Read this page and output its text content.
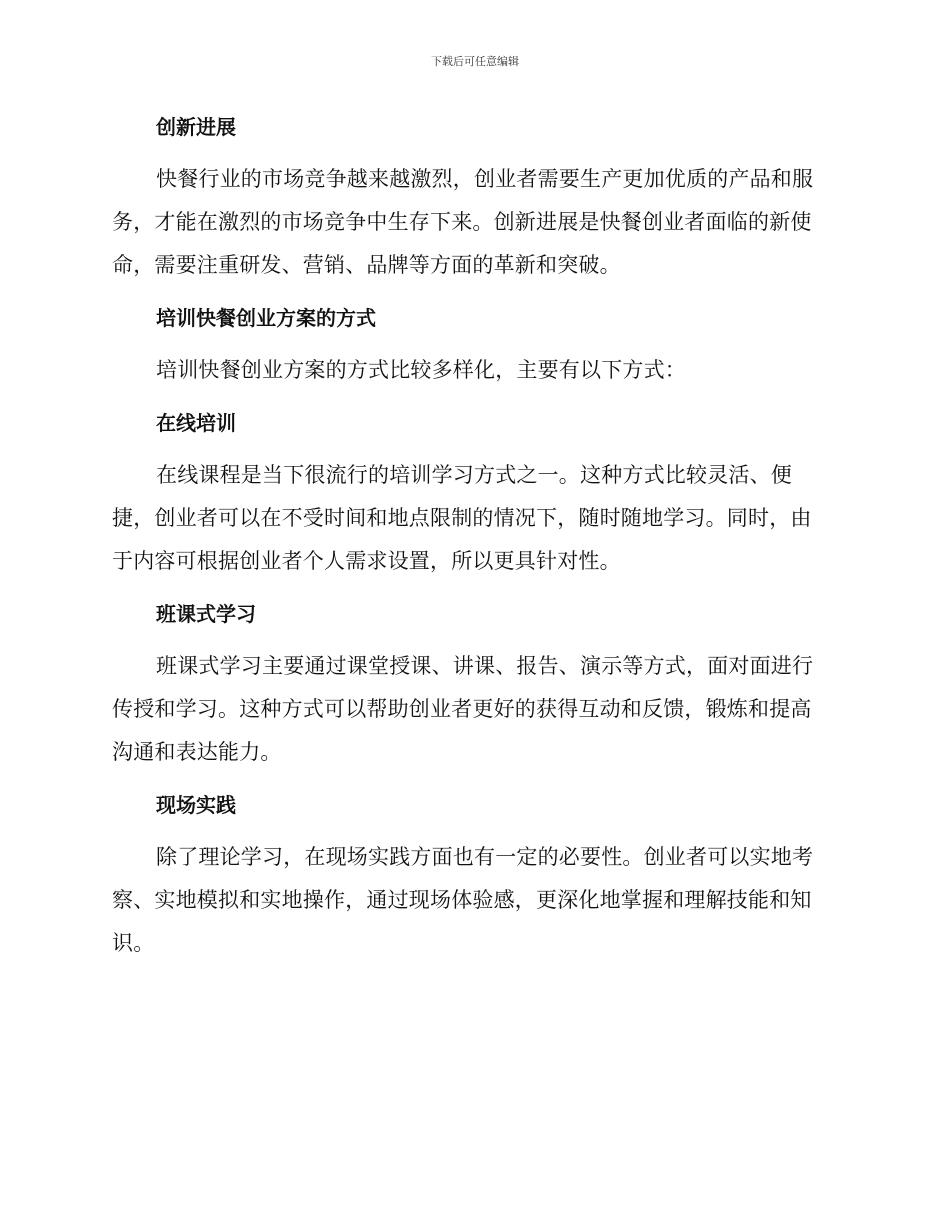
下载后可任意编辑
创新进展

快餐行业的市场竞争越来越激烈，创业者需要生产更加优质的产品和服务，才能在激烈的市场竞争中生存下来。创新进展是快餐创业者面临的新使命，需要注重研发、营销、品牌等方面的革新和突破。

培训快餐创业方案的方式

培训快餐创业方案的方式比较多样化，主要有以下方式：

在线培训

在线课程是当下很流行的培训学习方式之一。这种方式比较灵活、便捷，创业者可以在不受时间和地点限制的情况下，随时随地学习。同时，由于内容可根据创业者个人需求设置，所以更具针对性。

班课式学习

班课式学习主要通过课堂授课、讲课、报告、演示等方式，面对面进行传授和学习。这种方式可以帮助创业者更好的获得互动和反馈，锻炼和提高沟通和表达能力。

现场实践

除了理论学习，在现场实践方面也有一定的必要性。创业者可以实地考察、实地模拟和实地操作，通过现场体验感，更深化地掌握和理解技能和知识。
